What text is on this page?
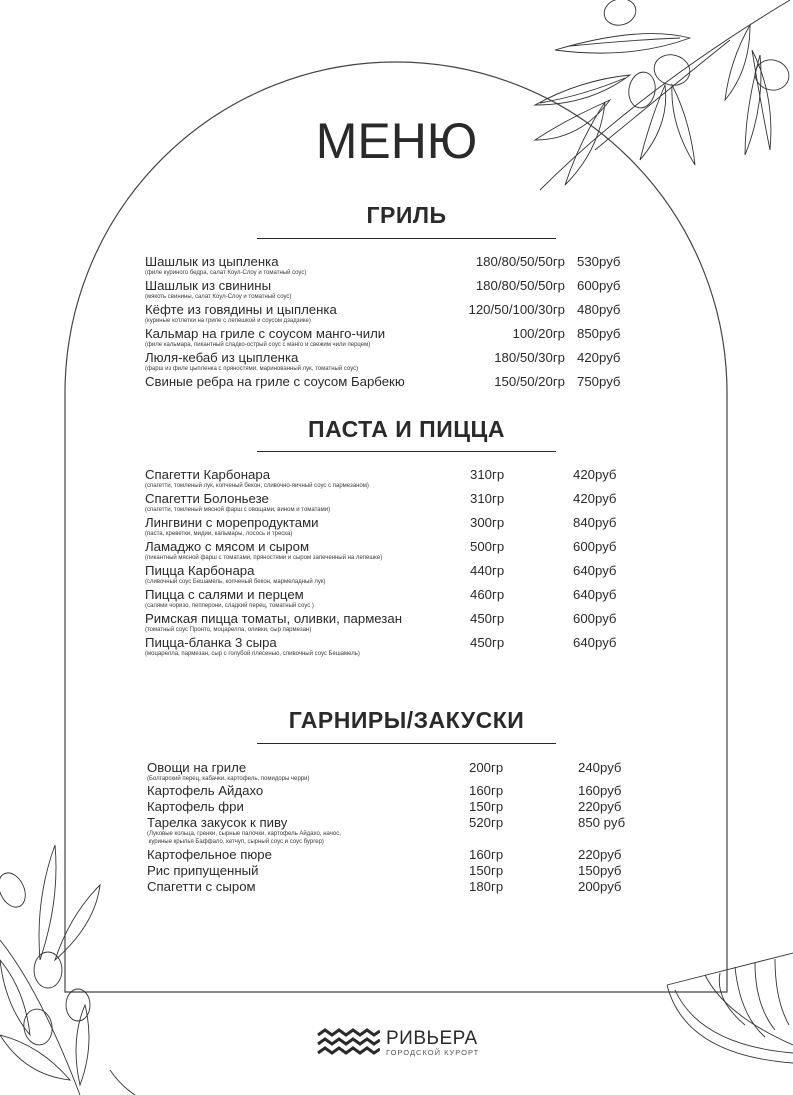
МЕНЮ
ГРИЛЬ
Шашлык из цыпленка
(филе куриного бедра, салат Коул-Слоу и томатный соус)
180/80/50/50гр 530руб
Шашлык из свинины
(мякоть свинины, салат Коул-Слоу и томатный соус)
180/80/50/50гр 600руб
Кёфте из говядины и цыпленка
(куриные котлетки на гриле с лепешкой и соусом дзадзике)
120/50/100/30гр 480руб
Кальмар на гриле с соусом манго-чили
(филе кальмара, пикантный сладко-острый соус с манго и свежим чили перцем)
100/20гр 850руб
Люля-кебаб из цыпленка
(фарш из филе цыпленка с пряностями, маринованный лук, томатный соус)
180/50/30гр 420руб
Свиные ребра на гриле с соусом Барбекю	150/50/20гр 750руб
ПАСТА И ПИЦЦА
Спагетти Карбонара
(спагетти, томленый лук, копченый бекон, сливочно-яичный соус с пармезаном)
310гр	420руб
Спагетти Болоньезе
(спагетти, томленый мясной фарш с овощами, вином и томатами)
310гр	420руб
Лингвини с морепродуктами
(паста, креветки, мидии, кальмары, лосось и треска)
300гр	840руб
Ламаджо с мясом и сыром
(пикантный мясной фарш с томатами, пряностями и сыром запеченный на лепешке)
500гр	600руб
Пицца Карбонара
(сливочный соус Бешамель, копченый бекон, мармеладный лук)
440гр	640руб
Пицца с салями и перцем
(салями чоризо, пепперони, сладкий перец, томатный соус )
460гр	640руб
Римская пицца томаты, оливки, пармезан
(томатный соус Пронто, моцарелла, оливки, сыр пармезан)
450гр	600руб
Пицца-бланка 3 сыра
(моцарелла, пармезан, сыр с голубой плесенью, сливочный соус Бешамель)
450гр	640руб
ГАРНИРЫ/ЗАКУСКИ
Овощи на гриле
(Болгарский перец, кабачки, картофель, помидоры черри)
200гр	240руб
Картофель Айдахо	160гр	160руб
Картофель фри	150гр	220руб
Тарелка закусок к пиву
(Луковые кольца, гренки, сырные палочки, картофель Айдахо, начос,
куриные крылья Баффало, кетчуп, сырный соус и соус бургер)
520гр	850 руб
Картофельное пюре	160гр	220руб
Рис припущенный	150гр	150руб
Спагетти с сыром	180гр	200руб
РИВЬЕРА
ГОРОДСКОЙ КУРОРТ
